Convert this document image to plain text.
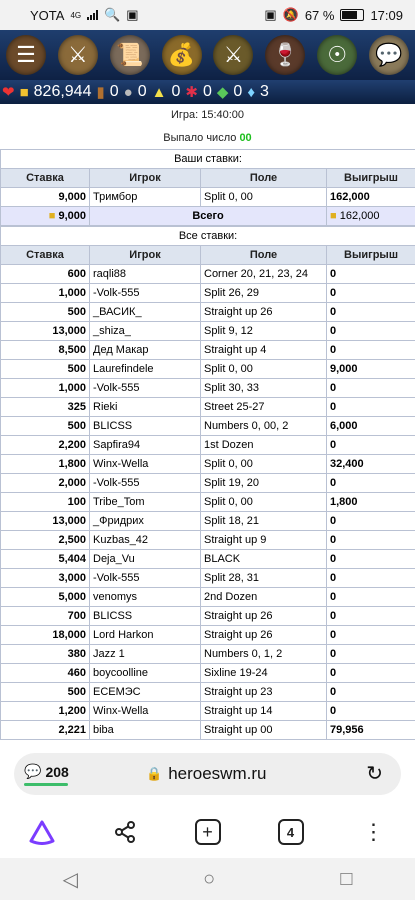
YOTA 4G 🔍 ▣	▣ 🔕 67 %	17:09
☰	⚔	📜 💰	⚔	🍷	☉	💬
❤ ■ 826,944 ▮ 0 ● 0 ▲ 0 ✱ 0 ◆ 0 ♦ 3
Игра: 15:40:00
Выпало число 00
Ваши ставки:			
Ставка	Игрок	Поле	Выигрыш
9,000	Тримбор	Split 0, 00	162,000
■ 9,000	Всего		■ 162,000
Все ставки:			
Ставка	Игрок	Поле	Выигрыш
600	raqli88	Corner 20, 21, 23, 24	0
1,000	-Volk-555	Split 26, 29	0
500	_ВАСИК_	Straight up 26	0
13,000	_shiza_	Split 9, 12	0
8,500	Дед Макар	Straight up 4	0
500	Laurefindele	Split 0, 00	9,000
1,000	-Volk-555	Split 30, 33	0
325	Rieki	Street 25-27	0
500	BLICSS	Numbers 0, 00, 2	6,000
2,200	Sapfira94	1st Dozen	0
1,800	Winx-Wella	Split 0, 00	32,400
2,000	-Volk-555	Split 19, 20	0
100	Tribe_Tom	Split 0, 00	1,800
13,000	_Фридрих	Split 18, 21	0
2,500	Kuzbas_42	Straight up 9	0
5,404	Deja_Vu	BLACK	0
3,000	-Volk-555	Split 28, 31	0
5,000	venomys	2nd Dozen	0
700	BLICSS	Straight up 26	0
18,000	Lord Harkon	Straight up 26	0
380	Jazz 1	Numbers 0, 1, 2	0
460	boycoolline	Sixline 19-24	0
500	ЕСЕМЭС	Straight up 23	0
1,200	Winx-Wella	Straight up 14	0
2,221	biba	Straight up 00	79,956
💬 208	🔒 heroeswm.ru	↻
+	4	⋮
◁	○	□
